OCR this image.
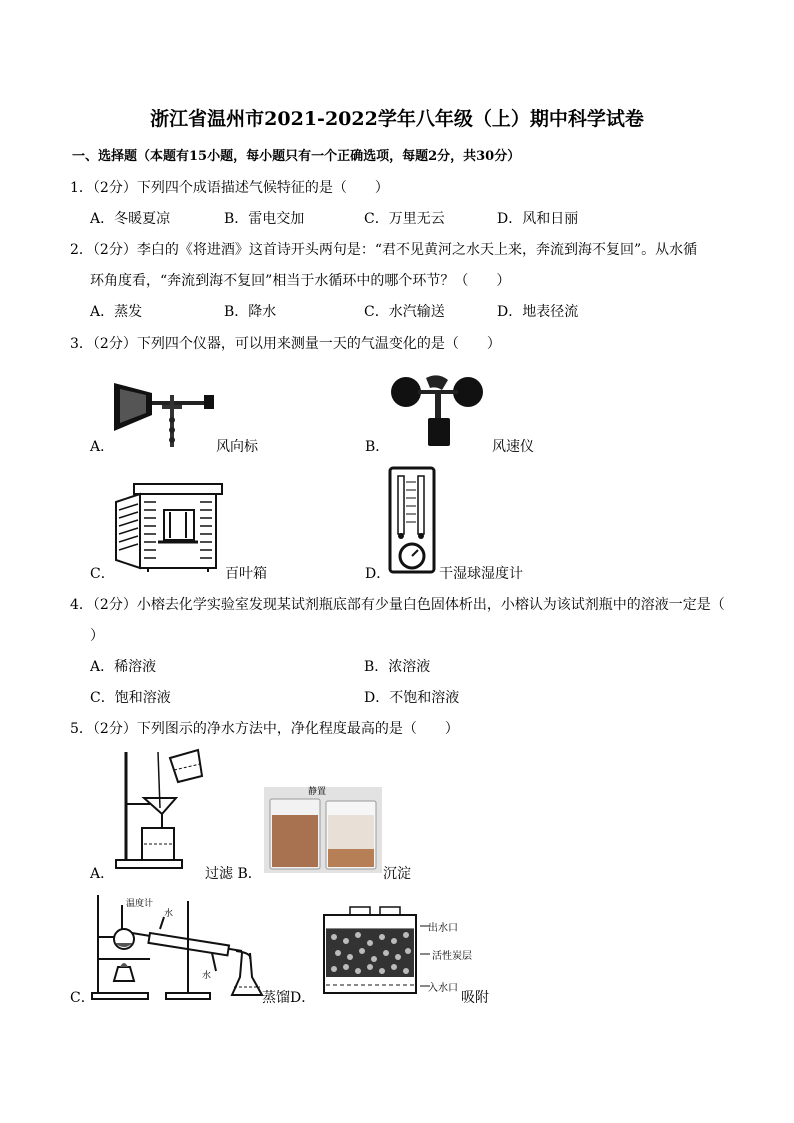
浙江省温州市2021-2022学年八年级（上）期中科学试卷
一、选择题（本题有15小题，每小题只有一个正确选项，每题2分，共30分）
1．（2分）下列四个成语描述气候特征的是（　　）
A．冬暖夏凉	B．雷电交加	C．万里无云	D．风和日丽
2．（2分）李白的《将进酒》这首诗开头两句是：“君不见黄河之水天上来，奔流到海不复回”。从水循
环角度看，“奔流到海不复回”相当于水循环中的哪个环节？（　　）
A．蒸发	B．降水	C．水汽输送	D．地表径流
3．（2分）下列四个仪器，可以用来测量一天的气温变化的是（　　）
A．	风向标	B．	风速仪
C．	百叶箱	D．	干湿球湿度计
4．（2分）小榕去化学实验室发现某试剂瓶底部有少量白色固体析出，小榕认为该试剂瓶中的溶液一定是（
）
A．稀溶液	B．浓溶液
C．饱和溶液	D．不饱和溶液
5．（2分）下列图示的净水方法中，净化程度最高的是（　　）
A．	过滤 B．
静置
沉淀
温度计
水
水
C．	蒸馏D．
出水口
活性炭层
入水口
吸附
